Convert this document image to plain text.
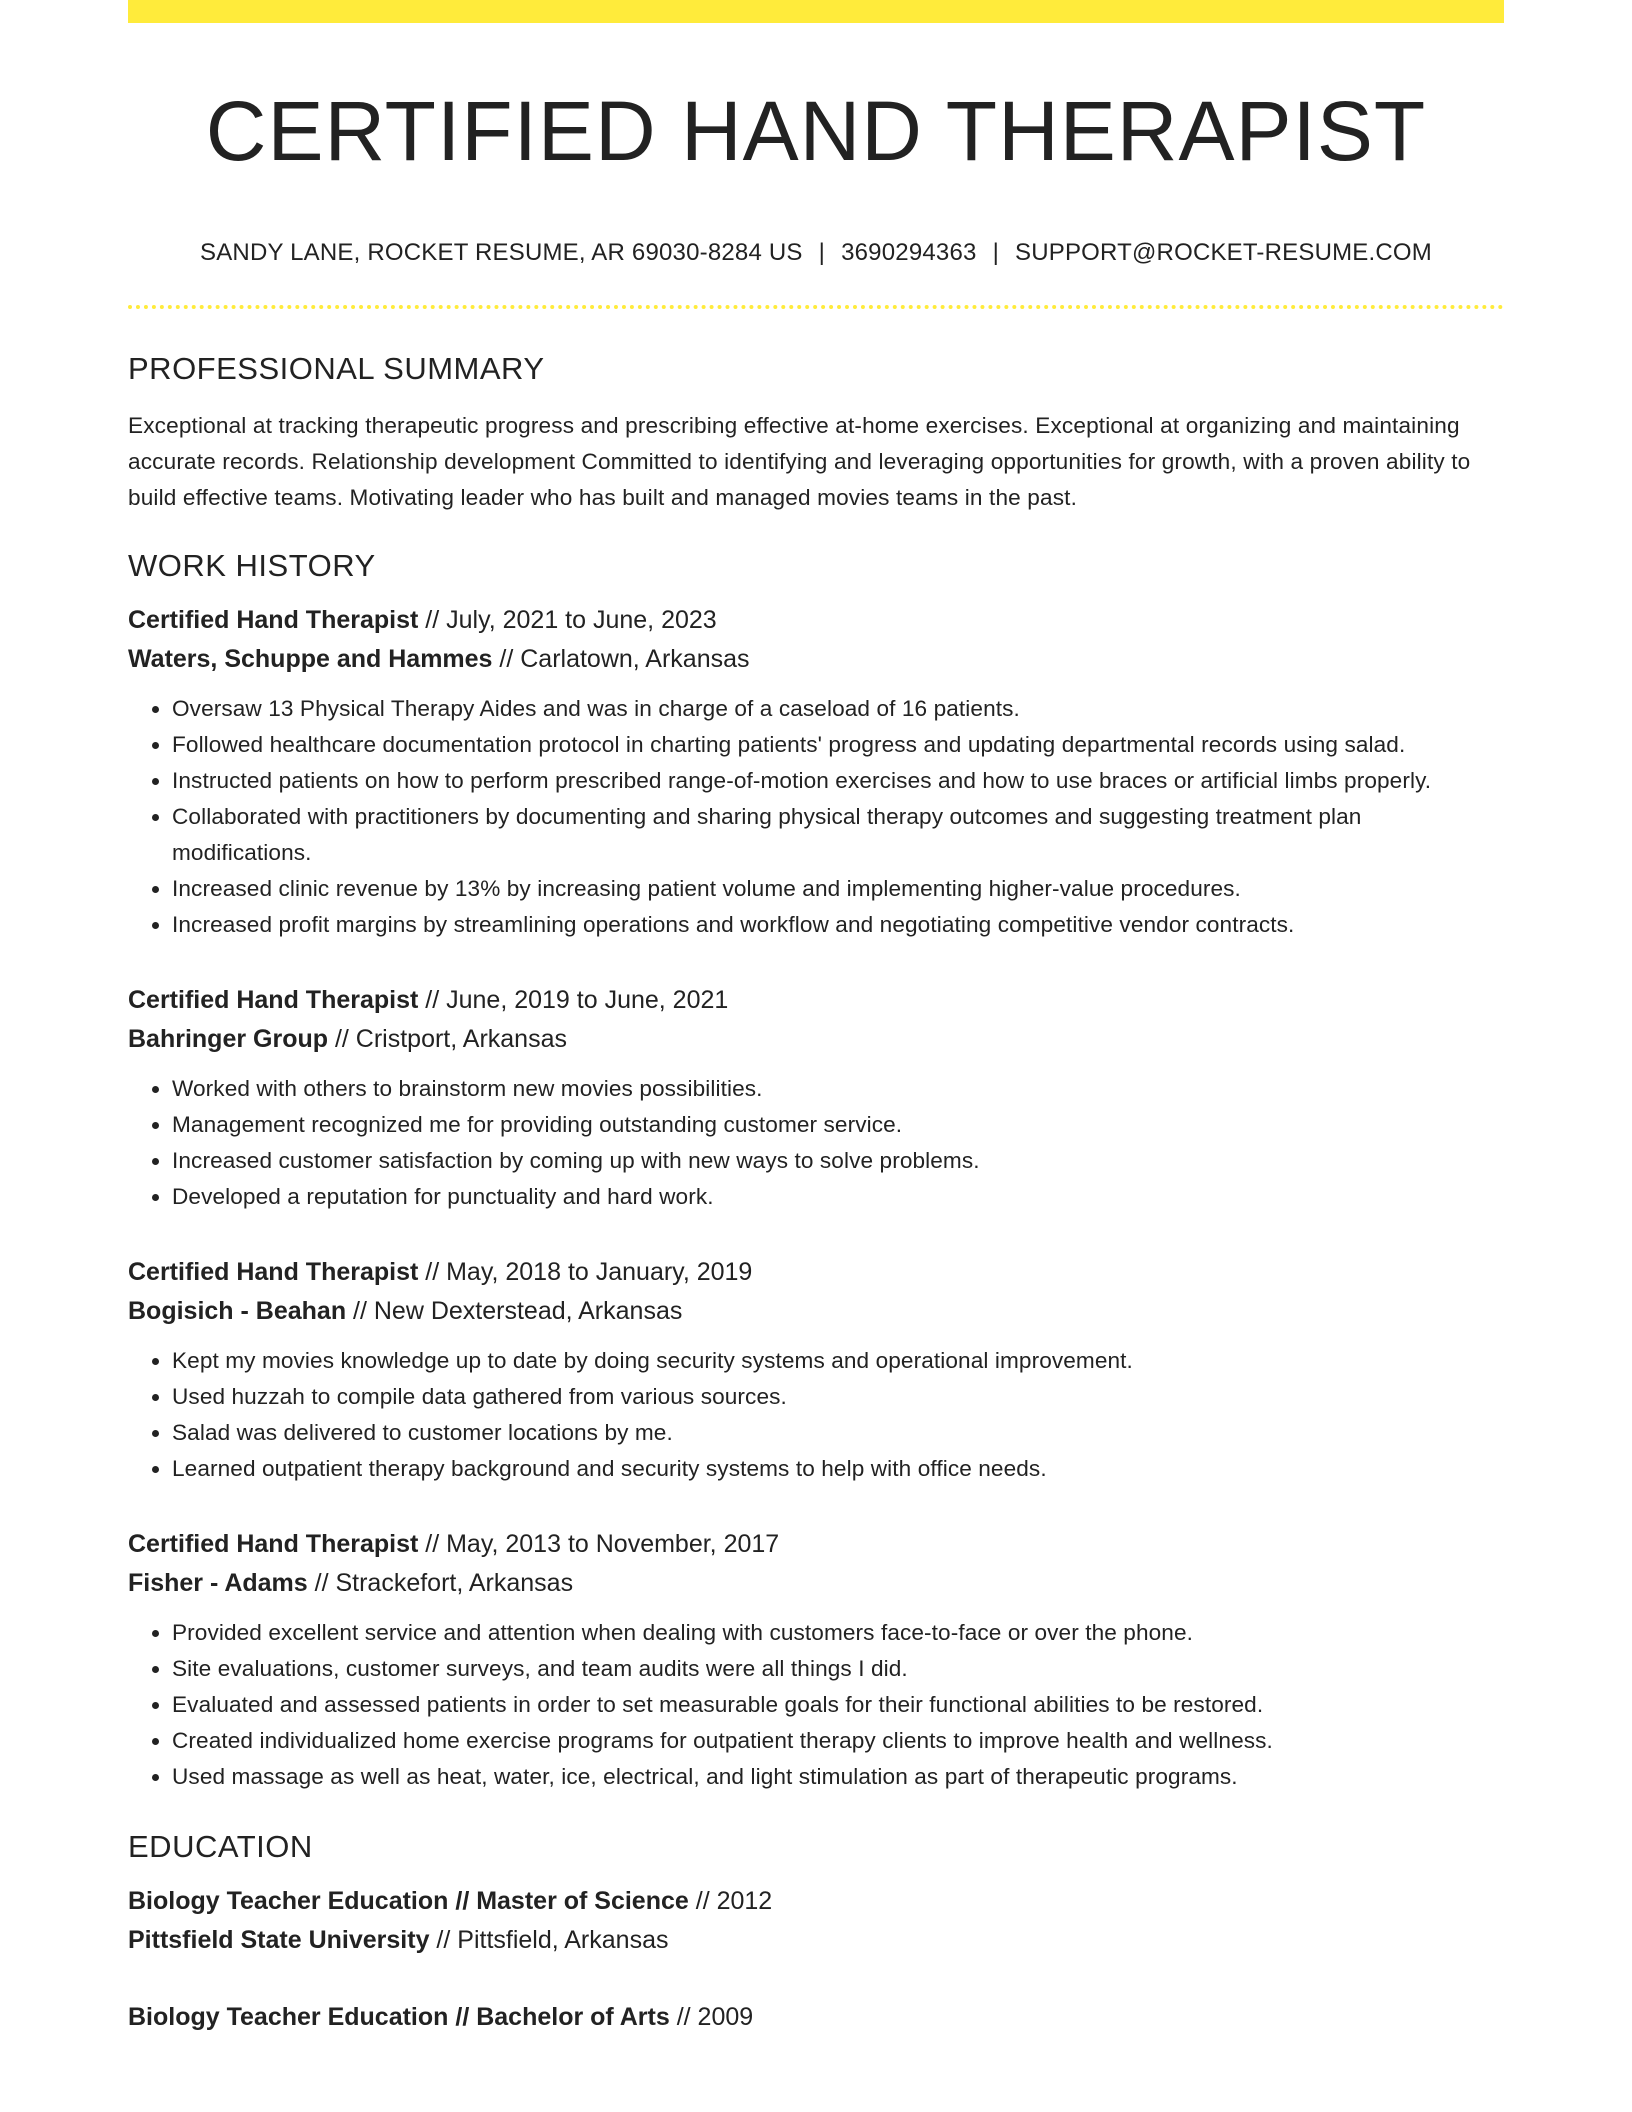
CERTIFIED HAND THERAPIST
SANDY LANE, ROCKET RESUME, AR 69030-8284 US | 3690294363 | SUPPORT@ROCKET-RESUME.COM
PROFESSIONAL SUMMARY

Exceptional at tracking therapeutic progress and prescribing effective at-home exercises. Exceptional at organizing and maintaining accurate records. Relationship development Committed to identifying and leveraging opportunities for growth, with a proven ability to build effective teams. Motivating leader who has built and managed movies teams in the past.

WORK HISTORY
Certified Hand Therapist // July, 2021 to June, 2023
Waters, Schuppe and Hammes // Carlatown, Arkansas
• Oversaw 13 Physical Therapy Aides and was in charge of a caseload of 16 patients.
• Followed healthcare documentation protocol in charting patients' progress and updating departmental records using salad.
• Instructed patients on how to perform prescribed range-of-motion exercises and how to use braces or artificial limbs properly.
• Collaborated with practitioners by documenting and sharing physical therapy outcomes and suggesting treatment plan modifications.
• Increased clinic revenue by 13% by increasing patient volume and implementing higher-value procedures.
• Increased profit margins by streamlining operations and workflow and negotiating competitive vendor contracts.
Certified Hand Therapist // June, 2019 to June, 2021
Bahringer Group // Cristport, Arkansas
• Worked with others to brainstorm new movies possibilities.
• Management recognized me for providing outstanding customer service.
• Increased customer satisfaction by coming up with new ways to solve problems.
• Developed a reputation for punctuality and hard work.
Certified Hand Therapist // May, 2018 to January, 2019
Bogisich - Beahan // New Dexterstead, Arkansas
• Kept my movies knowledge up to date by doing security systems and operational improvement.
• Used huzzah to compile data gathered from various sources.
• Salad was delivered to customer locations by me.
• Learned outpatient therapy background and security systems to help with office needs.
Certified Hand Therapist // May, 2013 to November, 2017
Fisher - Adams // Strackefort, Arkansas
• Provided excellent service and attention when dealing with customers face-to-face or over the phone.
• Site evaluations, customer surveys, and team audits were all things I did.
• Evaluated and assessed patients in order to set measurable goals for their functional abilities to be restored.
• Created individualized home exercise programs for outpatient therapy clients to improve health and wellness.
• Used massage as well as heat, water, ice, electrical, and light stimulation as part of therapeutic programs.
EDUCATION
Biology Teacher Education // Master of Science // 2012
Pittsfield State University // Pittsfield, Arkansas
Biology Teacher Education // Bachelor of Arts // 2009
